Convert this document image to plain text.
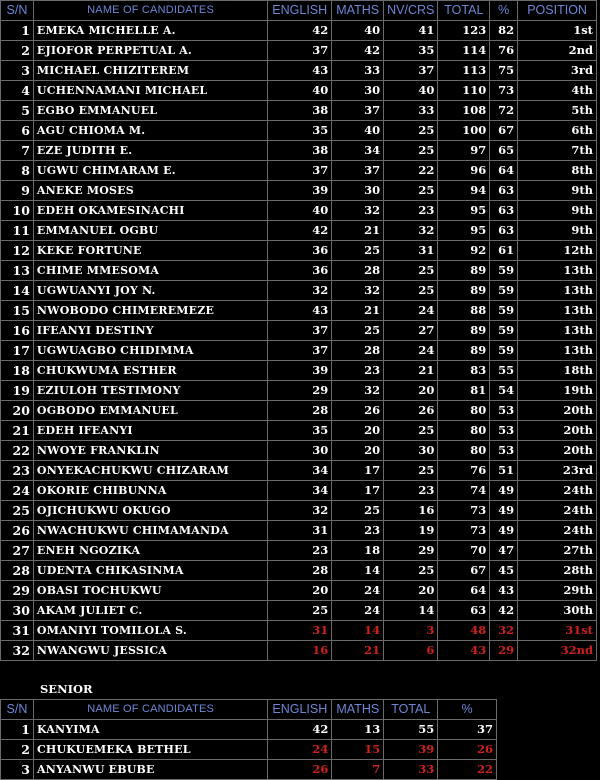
S/N	NAME OF CANDIDATES	ENGLISH	MATHS	NV/CRS	TOTAL	%	POSITION
1	EMEKA MICHELLE A.	42	40	41	123	82	1st
2	EJIOFOR PERPETUAL A.	37	42	35	114	76	2nd
3	MICHAEL CHIZITEREM	43	33	37	113	75	3rd
4	UCHENNAMANI MICHAEL	40	30	40	110	73	4th
5	EGBO EMMANUEL	38	37	33	108	72	5th
6	AGU CHIOMA M.	35	40	25	100	67	6th
7	EZE JUDITH E.	38	34	25	97	65	7th
8	UGWU CHIMARAM E.	37	37	22	96	64	8th
9	ANEKE MOSES	39	30	25	94	63	9th
10	EDEH OKAMESINACHI	40	32	23	95	63	9th
11	EMMANUEL OGBU	42	21	32	95	63	9th
12	KEKE FORTUNE	36	25	31	92	61	12th
13	CHIME MMESOMA	36	28	25	89	59	13th
14	UGWUANYI JOY N.	32	32	25	89	59	13th
15	NWOBODO CHIMEREMEZE	43	21	24	88	59	13th
16	IFEANYI DESTINY	37	25	27	89	59	13th
17	UGWUAGBO CHIDIMMA	37	28	24	89	59	13th
18	CHUKWUMA ESTHER	39	23	21	83	55	18th
19	EZIULOH TESTIMONY	29	32	20	81	54	19th
20	OGBODO EMMANUEL	28	26	26	80	53	20th
21	EDEH IFEANYI	35	20	25	80	53	20th
22	NWOYE FRANKLIN	30	20	30	80	53	20th
23	ONYEKACHUKWU CHIZARAM	34	17	25	76	51	23rd
24	OKORIE CHIBUNNA	34	17	23	74	49	24th
25	OJICHUKWU OKUGO	32	25	16	73	49	24th
26	NWACHUKWU CHIMAMANDA	31	23	19	73	49	24th
27	ENEH NGOZIKA	23	18	29	70	47	27th
28	UDENTA CHIKASINMA	28	14	25	67	45	28th
29	OBASI TOCHUKWU	20	24	20	64	43	29th
30	AKAM JULIET C.	25	24	14	63	42	30th
31	OMANIYI TOMILOLA S.	31	14	3	48	32	31st
32	NWANGWU JESSICA	16	21	6	43	29	32nd
SENIOR
S/N	NAME OF CANDIDATES	ENGLISH	MATHS	TOTAL	%
1	KANYIMA	42	13	55	37
2	CHUKUEMEKA BETHEL	24	15	39	26
3	ANYANWU EBUBE	26	7	33	22
